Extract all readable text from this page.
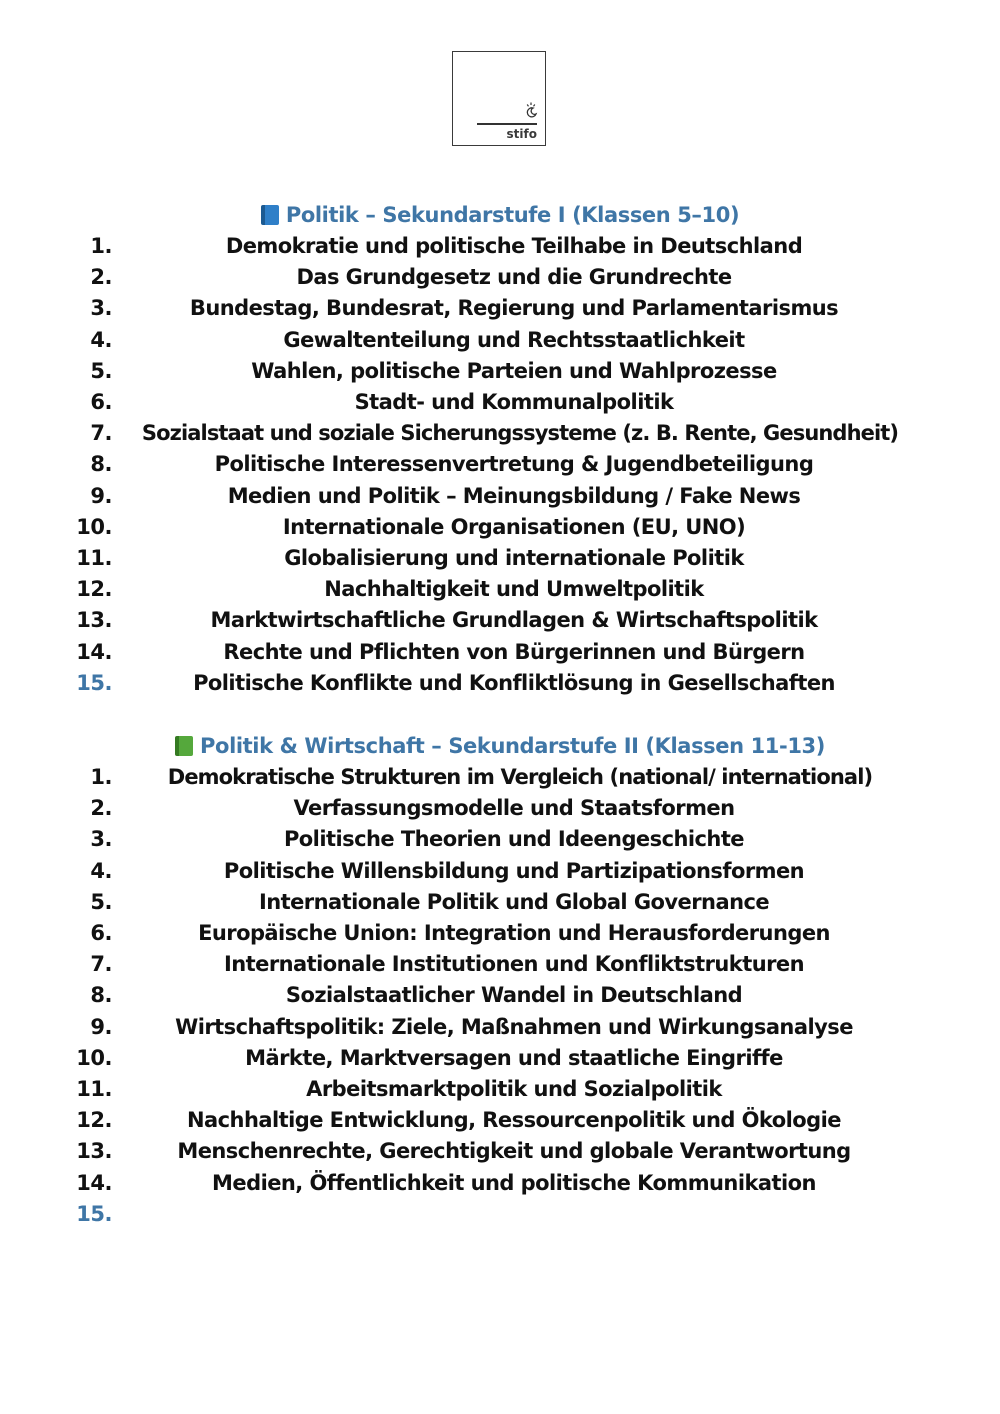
stifo
Politik – Sekundarstufe I (Klassen 5–10)
1.	Demokratie und politische Teilhabe in Deutschland
2.	Das Grundgesetz und die Grundrechte
3.	Bundestag, Bundesrat, Regierung und Parlamentarismus
4.	Gewaltenteilung und Rechtsstaatlichkeit
5.	Wahlen, politische Parteien und Wahlprozesse
6.	Stadt- und Kommunalpolitik
7.	Sozialstaat und soziale Sicherungssysteme (z. B. Rente, Gesundheit)
8.	Politische Interessenvertretung & Jugendbeteiligung
9.	Medien und Politik – Meinungsbildung / Fake News
10.	Internationale Organisationen (EU, UNO)
11.	Globalisierung und internationale Politik
12.	Nachhaltigkeit und Umweltpolitik
13.	Marktwirtschaftliche Grundlagen & Wirtschaftspolitik
14.	Rechte und Pflichten von Bürgerinnen und Bürgern
15.	Politische Konflikte und Konfliktlösung in Gesellschaften
Politik & Wirtschaft – Sekundarstufe II (Klassen 11-13)
1.	Demokratische Strukturen im Vergleich (national/ international)
2.	Verfassungsmodelle und Staatsformen
3.	Politische Theorien und Ideengeschichte
4.	Politische Willensbildung und Partizipationsformen
5.	Internationale Politik und Global Governance
6.	Europäische Union: Integration und Herausforderungen
7.	Internationale Institutionen und Konfliktstrukturen
8.	Sozialstaatlicher Wandel in Deutschland
9.	Wirtschaftspolitik: Ziele, Maßnahmen und Wirkungsanalyse
10.	Märkte, Marktversagen und staatliche Eingriffe
11.	Arbeitsmarktpolitik und Sozialpolitik
12.	Nachhaltige Entwicklung, Ressourcenpolitik und Ökologie
13.	Menschenrechte, Gerechtigkeit und globale Verantwortung
14.	Medien, Öffentlichkeit und politische Kommunikation
15.
